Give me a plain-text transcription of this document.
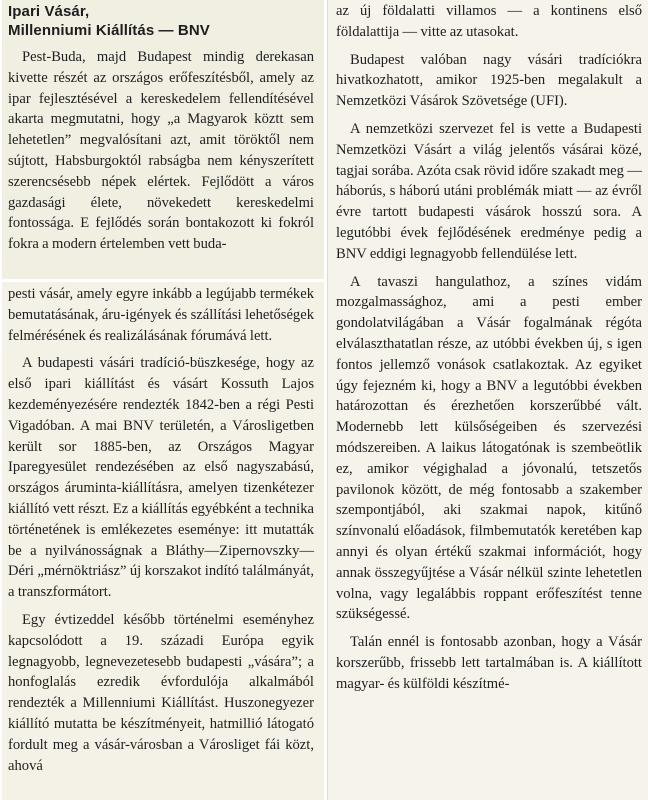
Ipari Vásár,
Millenniumi Kiállítás — BNV

Pest-Buda, majd Budapest mindig derekasan kivette részét az országos erőfeszítésből, amely az ipar fejlesztésével a kereskedelem fellendítésével akarta megmutatni, hogy „a Magyarok köztt sem lehetetlen” megvalósítani azt, amit töröktől nem sújtott, Habsburgoktól rabságba nem kényszerített szerencsésebb népek elértek. Fejlődött a város gazdasági élete, növekedett kereskedelmi fontossága. E fejlődés során bontakozott ki fokról fokra a modern értelemben vett buda-

pesti vásár, amely egyre inkább a legújabb termékek bemutatásának, áru-igények és szállítási lehetőségek felmérésének és realizálásának fórumává lett.

A budapesti vásári tradíció-büszkesége, hogy az első ipari kiállítást és vásárt Kossuth Lajos kezdeményezésére rendezték 1842-ben a régi Pesti Vigadóban. A mai BNV területén, a Városligetben került sor 1885-ben, az Országos Magyar Iparegyesület rendezésében az első nagyszabású, országos áruminta-kiállításra, amelyen tizenkétezer kiállító vett részt. Ez a kiállítás egyébként a technika történetének is emlékezetes eseménye: itt mutatták be a nyilvánosságnak a Bláthy—Zipernovszky—Déri „mérnöktriász” új korszakot indító találmányát, a transzformátort.

Egy évtizeddel később történelmi eseményhez kapcsolódott a 19. századi Európa egyik legnagyobb, legnevezetesebb budapesti „vására”; a honfoglalás ezredik évfordulója alkalmából rendezték a Millenniumi Kiállítást. Huszonegyezer kiállító mutatta be készítményeit, hatmillió látogató fordult meg a vásár-városban a Városliget fái közt, ahová

az új földalatti villamos — a kontinens első földalattija — vitte az utasokat.

Budapest valóban nagy vásári tradíciókra hivatkozhatott, amikor 1925-ben megalakult a Nemzetközi Vásárok Szövetsége (UFI).

A nemzetközi szervezet fel is vette a Budapesti Nemzetközi Vásárt a világ jelentős vásárai közé, tagjai sorába. Azóta csak rövid időre szakadt meg — háborús, s háború utáni problémák miatt — az évről évre tartott budapesti vásárok hosszú sora. A legutóbbi évek fejlődésének eredménye pedig a BNV eddigi legnagyobb fellendülése lett.

A tavaszi hangulathoz, a színes vidám mozgalmassághoz, ami a pesti ember gondolatvilágában a Vásár fogalmának régóta elválaszthatatlan része, az utóbbi években új, s igen fontos jellemző vonások csatlakoztak. Az egyiket úgy fejezném ki, hogy a BNV a legutóbbi években határozottan és érezhetően korszerűbbé vált. Modernebb lett külsőségeiben és szervezési módszereiben. A laikus látogatónak is szembeötlik ez, amikor végighalad a jóvonalú, tetszetős pavilonok között, de még fontosabb a szakember szempontjából, aki szakmai napok, kitűnő színvonalú előadások, filmbemutatók keretében kap annyi és olyan értékű szakmai információt, hogy annak összegyűjtése a Vásár nélkül szinte lehetetlen volna, vagy legalábbis roppant erőfeszítést tenne szükségessé.

Talán ennél is fontosabb azonban, hogy a Vásár korszerűbb, frissebb lett tartalmában is. A kiállított magyar- és külföldi készítmé-
